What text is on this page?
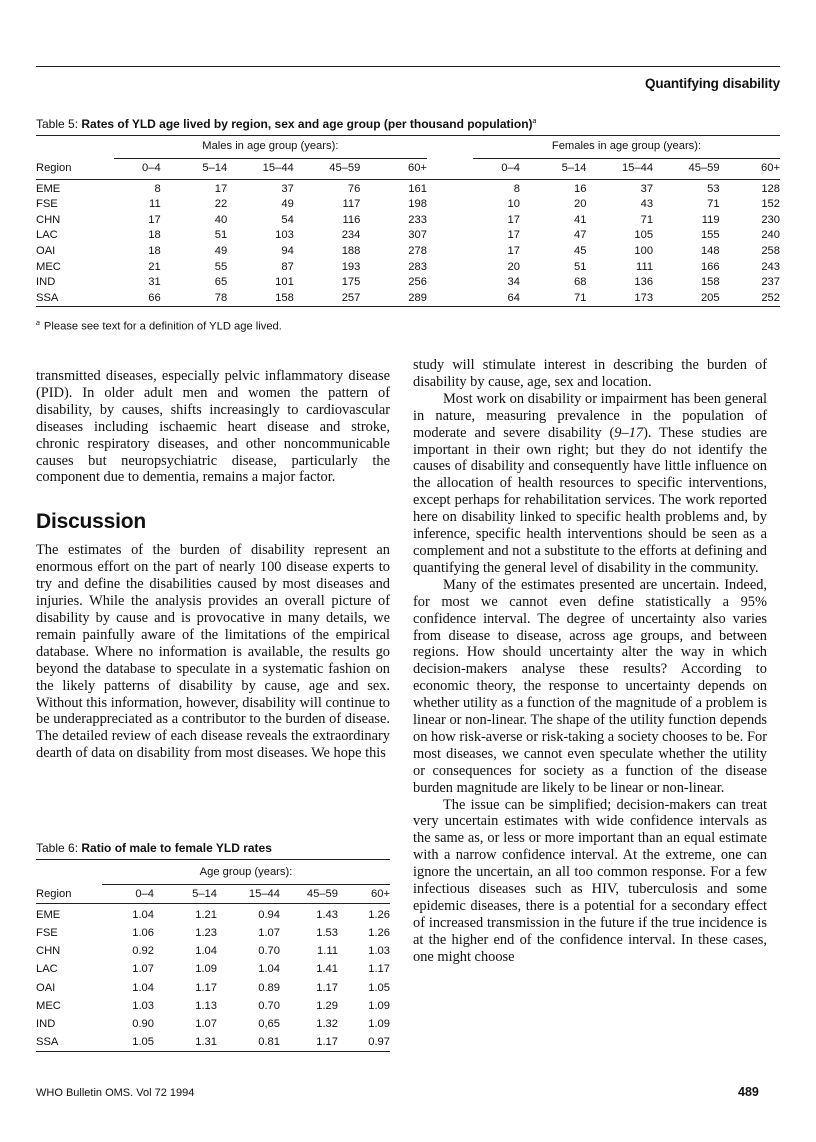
Quantifying disability
Table 5: Rates of YLD age lived by region, sex and age group (per thousand population)$^a$

	Males in age group (years):						Females in age group (years):				

Region	0–4	5–14	15–44	45–59	60+		0–4	5–14	15–44	45–59	60+
EME	8	17	37	76	161		8	16	37	53	128
FSE	11	22	49	117	198		10	20	43	71	152
CHN	17	40	54	116	233		17	41	71	119	230
LAC	18	51	103	234	307		17	47	105	155	240
OAI	18	49	94	188	278		17	45	100	148	258
MEC	21	55	87	193	283		20	51	111	166	243
IND	31	65	101	175	256		34	68	136	158	237
SSA	66	78	158	257	289		64	71	173	205	252
$^a$ Please see text for a definition of YLD age lived.

transmitted diseases, especially pelvic inflammatory disease (PID). In older adult men and women the pattern of disability, by causes, shifts increasingly to cardiovascular diseases including ischaemic heart disease and stroke, chronic respiratory diseases, and other noncommunicable causes but neuropsychiatric disease, particularly the component due to dementia, remains a major factor.

Discussion

The estimates of the burden of disability represent an enormous effort on the part of nearly 100 disease experts to try and define the disabilities caused by most diseases and injuries. While the analysis provides an overall picture of disability by cause and is provocative in many details, we remain painfully aware of the limitations of the empirical database. Where no information is available, the results go beyond the database to speculate in a systematic fashion on the likely patterns of disability by cause, age and sex. Without this information, however, disability will continue to be underappreciated as a contributor to the burden of disease. The detailed review of each disease reveals the extraordinary dearth of data on disability from most diseases. We hope this

Table 6: Ratio of male to female YLD rates

	Age group (years):				

Region	0–4	5–14	15–44	45–59	60+
EME	1.04	1.21	0.94	1.43	1.26
FSE	1.06	1.23	1.07	1.53	1.26
CHN	0.92	1.04	0.70	1.11	1.03
LAC	1.07	1.09	1.04	1.41	1.17
OAI	1.04	1.17	0.89	1.17	1.05
MEC	1.03	1.13	0.70	1.29	1.09
IND	0.90	1.07	0,65	1.32	1.09
SSA	1.05	1.31	0.81	1.17	0.97

study will stimulate interest in describing the burden of disability by cause, age, sex and location.

Most work on disability or impairment has been general in nature, measuring prevalence in the population of moderate and severe disability (9–17). These studies are important in their own right; but they do not identify the causes of disability and consequently have little influence on the allocation of health resources to specific interventions, except perhaps for rehabilitation services. The work reported here on disability linked to specific health problems and, by inference, specific health interventions should be seen as a complement and not a substitute to the efforts at defining and quantifying the general level of disability in the community.

Many of the estimates presented are uncertain. Indeed, for most we cannot even define statistically a 95% confidence interval. The degree of uncertainty also varies from disease to disease, across age groups, and between regions. How should uncertainty alter the way in which decision-makers analyse these results? According to economic theory, the response to uncertainty depends on whether utility as a function of the magnitude of a problem is linear or non-linear. The shape of the utility function depends on how risk-averse or risk-taking a society chooses to be. For most diseases, we cannot even speculate whether the utility or consequences for society as a function of the disease burden magnitude are likely to be linear or non-linear.

The issue can be simplified; decision-makers can treat very uncertain estimates with wide confidence intervals as the same as, or less or more important than an equal estimate with a narrow confidence interval. At the extreme, one can ignore the uncertain, an all too common response. For a few infectious diseases such as HIV, tuberculosis and some epidemic diseases, there is a potential for a secondary effect of increased transmission in the future if the true incidence is at the higher end of the confidence interval. In these cases, one might choose

WHO Bulletin OMS. Vol 72 1994	489
